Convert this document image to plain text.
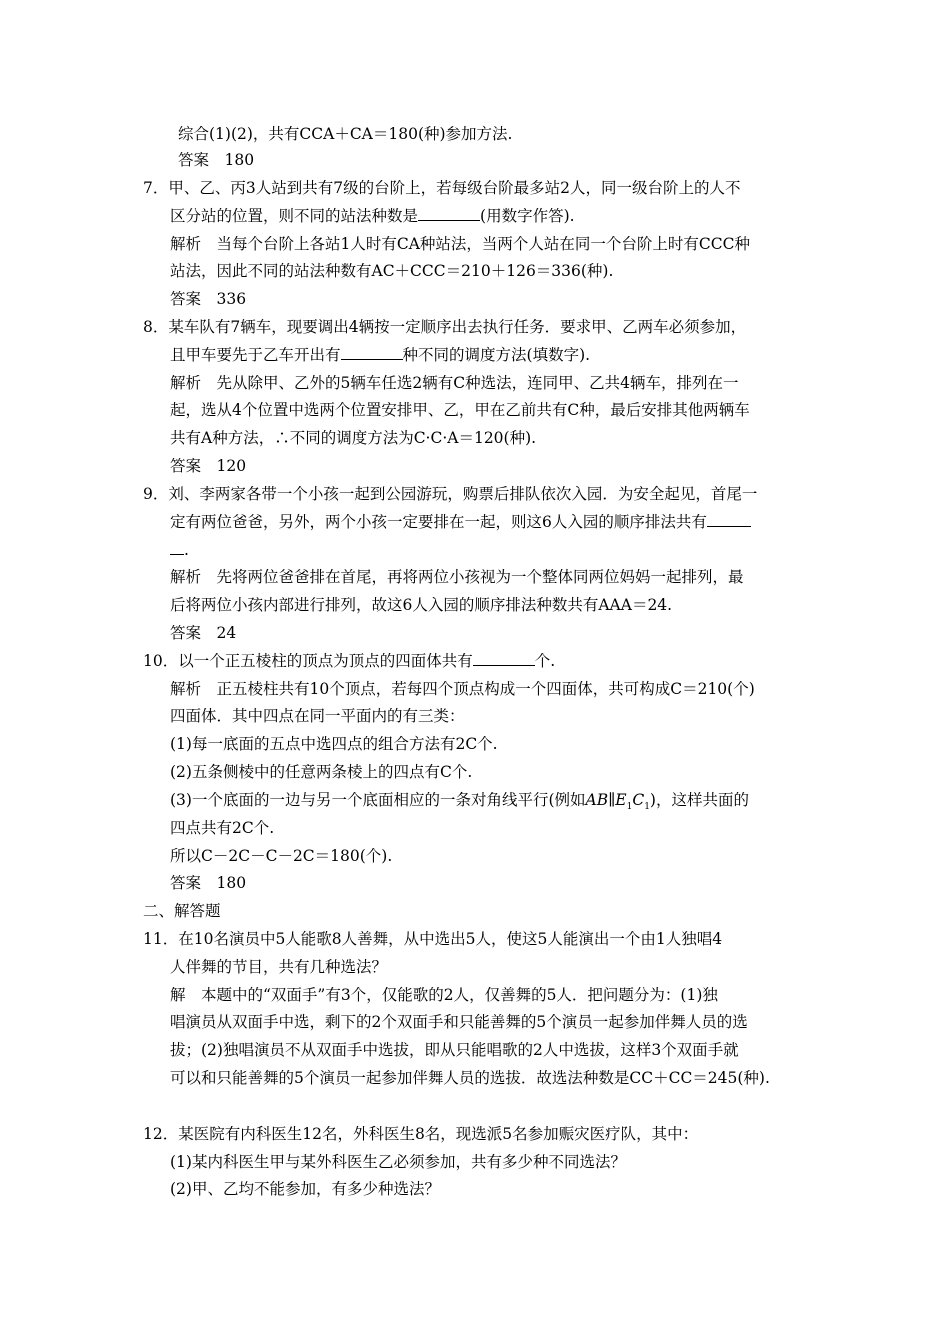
综合(1)(2)，共有CCA＋CA＝180(种)参加方法.
答案　180
7．甲、乙、丙3人站到共有7级的台阶上，若每级台阶最多站2人，同一级台阶上的人不
区分站的位置，则不同的站法种数是	(用数字作答).
解析　当每个台阶上各站1人时有CA种站法，当两个人站在同一个台阶上时有CCC种
站法，因此不同的站法种数有AC＋CCC＝210＋126＝336(种).
答案　336
8．某车队有7辆车，现要调出4辆按一定顺序出去执行任务．要求甲、乙两车必须参加，
且甲车要先于乙车开出有	种不同的调度方法(填数字).
解析　先从除甲、乙外的5辆车任选2辆有C种选法，连同甲、乙共4辆车，排列在一
起，选从4个位置中选两个位置安排甲、乙，甲在乙前共有C种，最后安排其他两辆车
共有A种方法，∴不同的调度方法为C·C·A＝120(种).
答案　120
9．刘、李两家各带一个小孩一起到公园游玩，购票后排队依次入园．为安全起见，首尾一
定有两位爸爸，另外，两个小孩一定要排在一起，则这6人入园的顺序排法共有
.
解析　先将两位爸爸排在首尾，再将两位小孩视为一个整体同两位妈妈一起排列，最
后将两位小孩内部进行排列，故这6人入园的顺序排法种数共有AAA＝24.
答案　24
10．以一个正五棱柱的顶点为顶点的四面体共有	个.
解析　正五棱柱共有10个顶点，若每四个顶点构成一个四面体，共可构成C＝210(个)
四面体．其中四点在同一平面内的有三类：
(1)每一底面的五点中选四点的组合方法有2C个.
(2)五条侧棱中的任意两条棱上的四点有C个.
(3)一个底面的一边与另一个底面相应的一条对角线平行(例如$AB\parallel E_1C_1$)，这样共面的
四点共有2C个.
所以C－2C－C－2C＝180(个).
答案　180
二、解答题
11．在10名演员中5人能歌8人善舞，从中选出5人，使这5人能演出一个由1人独唱4
人伴舞的节目，共有几种选法？
解　本题中的“双面手”有3个，仅能歌的2人，仅善舞的5人．把问题分为：(1)独
唱演员从双面手中选，剩下的2个双面手和只能善舞的5个演员一起参加伴舞人员的选
拔；(2)独唱演员不从双面手中选拔，即从只能唱歌的2人中选拔，这样3个双面手就
可以和只能善舞的5个演员一起参加伴舞人员的选拔．故选法种数是CC＋CC＝245(种).
12．某医院有内科医生12名，外科医生8名，现选派5名参加赈灾医疗队，其中：
(1)某内科医生甲与某外科医生乙必须参加，共有多少种不同选法？
(2)甲、乙均不能参加，有多少种选法？
